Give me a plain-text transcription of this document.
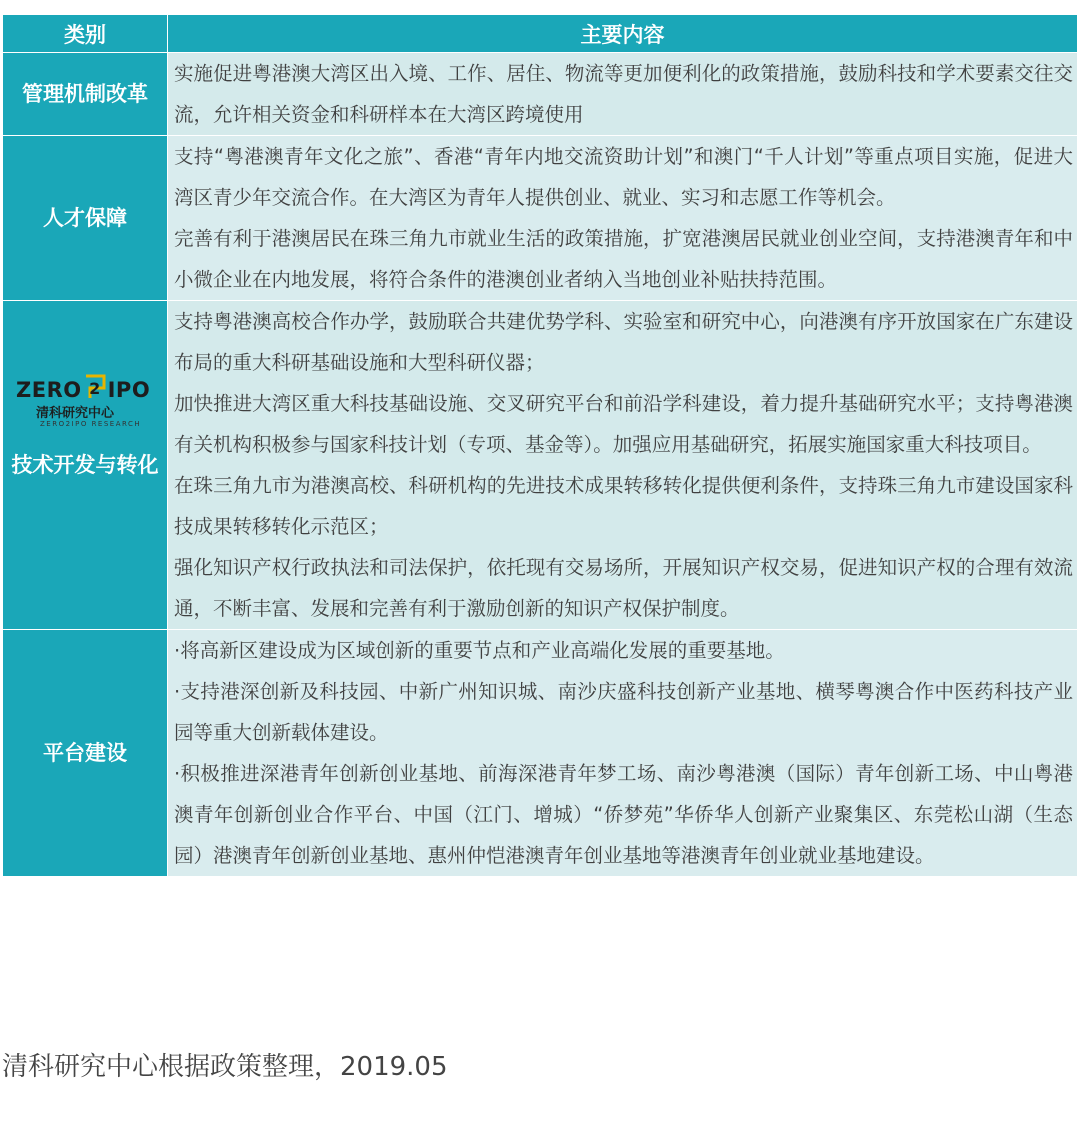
类别	主要内容
管理机制改革	实施促进粤港澳大湾区出入境、工作、居住、物流等更加便利化的政策措施，鼓励科技和学术要素交往交流，允许相关资金和科研样本在大湾区跨境使用

人才保障	支持“粤港澳青年文化之旅”、香港“青年内地交流资助计划”和澳门“千人计划”等重点项目实施，促进大湾区青少年交流合作。在大湾区为青年人提供创业、就业、实习和志愿工作等机会。

完善有利于港澳居民在珠三角九市就业生活的政策措施，扩宽港澳居民就业创业空间，支持港澳青年和中小微企业在内地发展，将符合条件的港澳创业者纳入当地创业补贴扶持范围。

技术开发与转化	支持粤港澳高校合作办学，鼓励联合共建优势学科、实验室和研究中心，向港澳有序开放国家在广东建设布局的重大科研基础设施和大型科研仪器；

加快推进大湾区重大科技基础设施、交叉研究平台和前沿学科建设，着力提升基础研究水平；支持粤港澳有关机构积极参与国家科技计划（专项、基金等）。加强应用基础研究，拓展实施国家重大科技项目。

在珠三角九市为港澳高校、科研机构的先进技术成果转移转化提供便利条件，支持珠三角九市建设国家科技成果转移转化示范区；

强化知识产权行政执法和司法保护，依托现有交易场所，开展知识产权交易，促进知识产权的合理有效流通，不断丰富、发展和完善有利于激励创新的知识产权保护制度。

平台建设	·将高新区建设成为区域创新的重要节点和产业高端化发展的重要基地。

·支持港深创新及科技园、中新广州知识城、南沙庆盛科技创新产业基地、横琴粤澳合作中医药科技产业园等重大创新载体建设。

·积极推进深港青年创新创业基地、前海深港青年梦工场、南沙粤港澳（国际）青年创新工场、中山粤港澳青年创新创业合作平台、中国（江门、增城）“侨梦苑”华侨华人创新产业聚集区、东莞松山湖（生态园）港澳青年创新创业基地、惠州仲恺港澳青年创业基地等港澳青年创业就业基地建设。

ZERO 2 IPO
清科研究中心
ZERO2IPO RESEARCH
清科研究中心根据政策整理，2019.05
